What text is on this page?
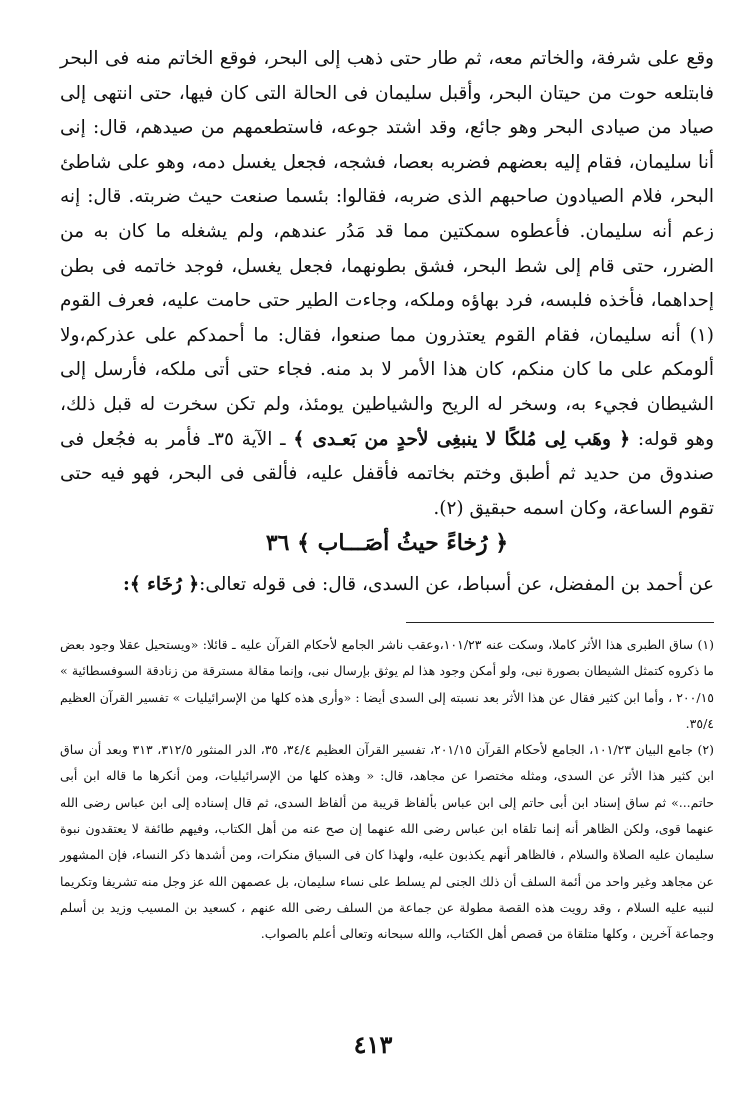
وقع على شرفة، والخاتم معه، ثم طار حتى ذهب إلى البحر، فوقع الخاتم منه فى البحر فابتلعه حوت من حيتان البحر، وأقبل سليمان فى الحالة التى كان فيها، حتى انتهى إلى صياد من صيادى البحر وهو جائع، وقد اشتد جوعه، فاستطعمهم من صيدهم، قال: إنى أنا سليمان، فقام إليه بعضهم فضربه بعصا، فشجه، فجعل يغسل دمه، وهو على شاطئ البحر، فلام الصيادون صاحبهم الذى ضربه، فقالوا: بئسما صنعت حيث ضربته. قال: إنه زعم أنه سليمان. فأعطوه سمكتين مما قد مَدُر عندهم، ولم يشغله ما كان به من الضرر، حتى قام إلى شط البحر، فشق بطونهما، فجعل يغسل، فوجد خاتمه فى بطن إحداهما، فأخذه فلبسه، فرد بهاؤه وملكه، وجاءت الطير حتى حامت عليه، فعرف القوم (١) أنه سليمان، فقام القوم يعتذرون مما صنعوا، فقال: ما أحمدكم على عذركم،ولا ألومكم على ما كان منكم، كان هذا الأمر لا بد منه. فجاء حتى أتى ملكه، فأرسل إلى الشيطان فجيء به، وسخر له الريح والشياطين يومئذ، ولم تكن سخرت له قبل ذلك، وهو قوله: ﴿ وهَب لِى مُلكًا لا ينبغِى لأحدٍ من بَعـدى ﴾ ـ الآية ٣٥ـ فأمر به فجُعل فى صندوق من حديد ثم أطبق وختم بخاتمه فأقفل عليه، فألقى فى البحر، فهو فيه حتى تقوم الساعة، وكان اسمه حبقيق (٢).

﴿ رُخاءً حيثُ أصَـــاب ﴾ ٣٦
عن أحمد بن المفضل، عن أسباط، عن السدى، قال: فى قوله تعالى:﴿ رُخَاء ﴾:

(١) ساق الطبرى هذا الأثر كاملا، وسكت عنه ١٠١/٢٣،وعقب ناشر الجامع لأحكام القرآن عليه ـ قائلا: «ويستحيل عقلا وجود بعض ما ذكروه كتمثل الشيطان بصورة نبى، ولو أمكن وجود هذا لم يوثق بإرسال نبى، وإنما مقالة مسترقة من زنادقة السوفسطائية » ٢٠٠/١٥ ، وأما ابن كثير فقال عن هذا الأثر بعد نسبته إلى السدى أيضا : «وأرى هذه كلها من الإسرائيليات » تفسير القرآن العظيم ٣٥/٤.

(٢) جامع البيان ١٠١/٢٣، الجامع لأحكام القرآن ٢٠١/١٥، تفسير القرآن العظيم ٣٤/٤، ٣٥، الدر المنثور ٣١٢/٥، ٣١٣ وبعد أن ساق ابن كثير هذا الأثر عن السدى، ومثله مختصرا عن مجاهد، قال: « وهذه كلها من الإسرائيليات، ومن أنكرها ما قاله ابن أبى حاتم...» ثم ساق إسناد ابن أبى حاتم إلى ابن عباس بألفاظ قريبة من ألفاظ السدى، ثم قال إسناده إلى ابن عباس رضى الله عنهما قوى، ولكن الظاهر أنه إنما تلقاه ابن عباس رضى الله عنهما إن صح عنه من أهل الكتاب، وفيهم طائفة لا يعتقدون نبوة سليمان عليه الصلاة والسلام ، فالظاهر أنهم يكذبون عليه، ولهذا كان فى السياق منكرات، ومن أشدها ذكر النساء، فإن المشهور عن مجاهد وغير واحد من أئمة السلف أن ذلك الجنى لم يسلط على نساء سليمان، بل عصمهن الله عز وجل منه تشريفا وتكريما لنبيه عليه السلام ، وقد رويت هذه القصة مطولة عن جماعة من السلف رضى الله عنهم ، كسعيد بن المسيب وزيد بن أسلم وجماعة آخرين ، وكلها متلقاة من قصص أهل الكتاب، والله سبحانه وتعالى أعلم بالصواب.

٤١٣
